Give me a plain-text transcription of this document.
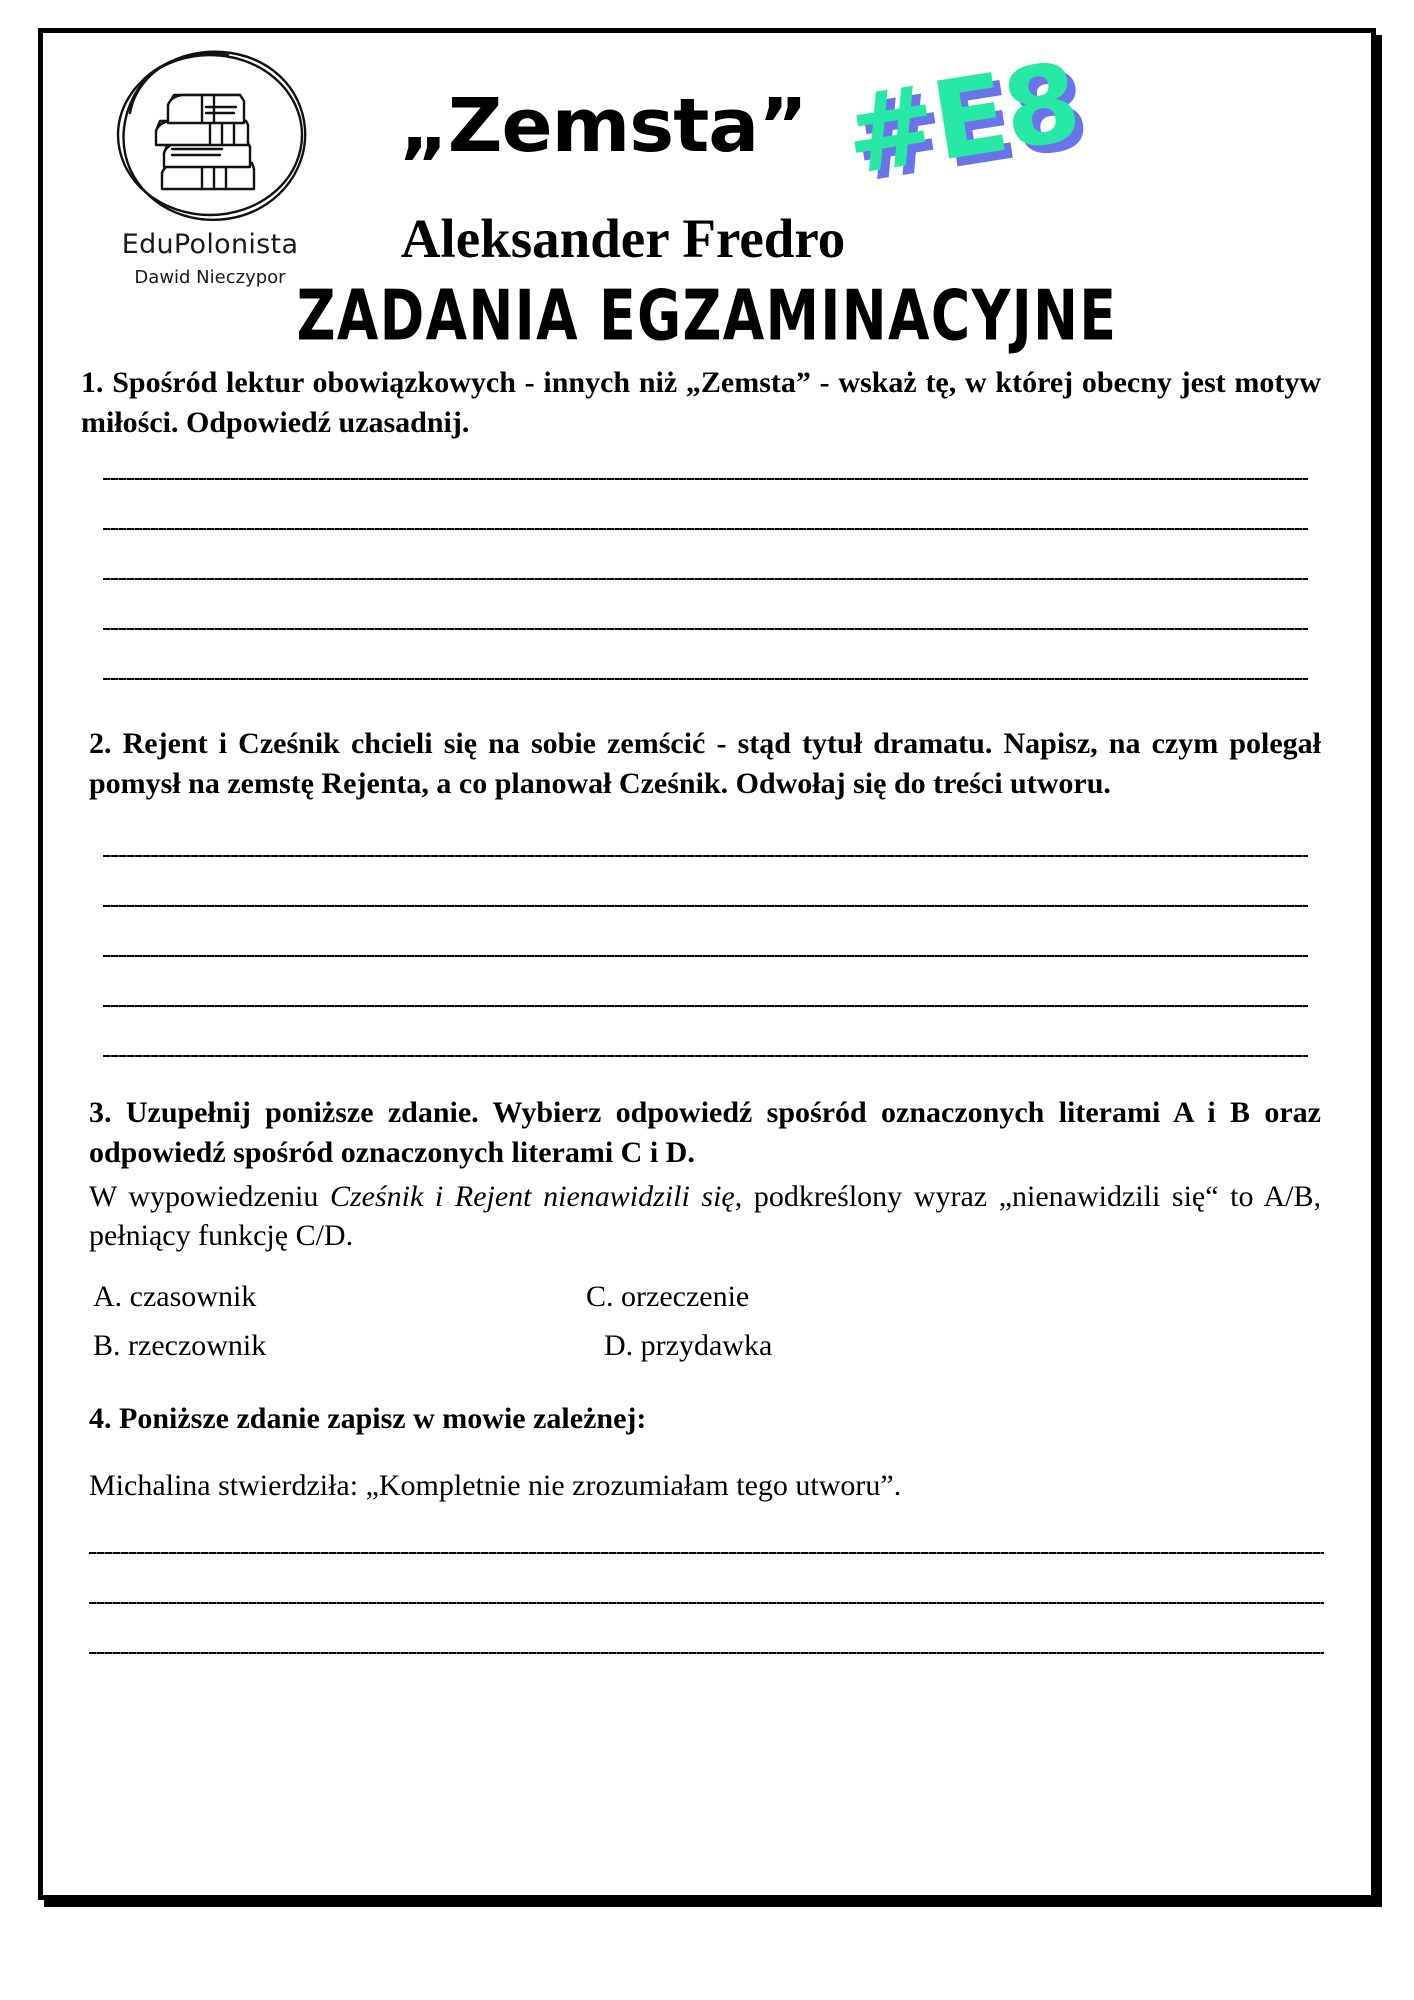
EduPolonista
Dawid Nieczypor
„Zemsta”
Aleksander Fredro
#E8
ZADANIA EGZAMINACYJNE

1. Spośród lektur obowiązkowych - innych niż „Zemsta” - wskaż tę, w której obecny jest motyw miłości. Odpowiedź uzasadnij.

2. Rejent i Cześnik chcieli się na sobie zemścić - stąd tytuł dramatu. Napisz, na czym polegał pomysł na zemstę Rejenta, a co planował Cześnik. Odwołaj się do treści utworu.

3. Uzupełnij poniższe zdanie. Wybierz odpowiedź spośród oznaczonych literami A i B oraz odpowiedź spośród oznaczonych literami C i D.

W wypowiedzeniu Cześnik i Rejent nienawidzili się, podkreślony wyraz „nienawidzili się“ to A/B, pełniący funkcję C/D.

A. czasownik
B. rzeczownik
C. orzeczenie
D. przydawka

4. Poniższe zdanie zapisz w mowie zależnej:

Michalina stwierdziła: „Kompletnie nie zrozumiałam tego utworu”.
